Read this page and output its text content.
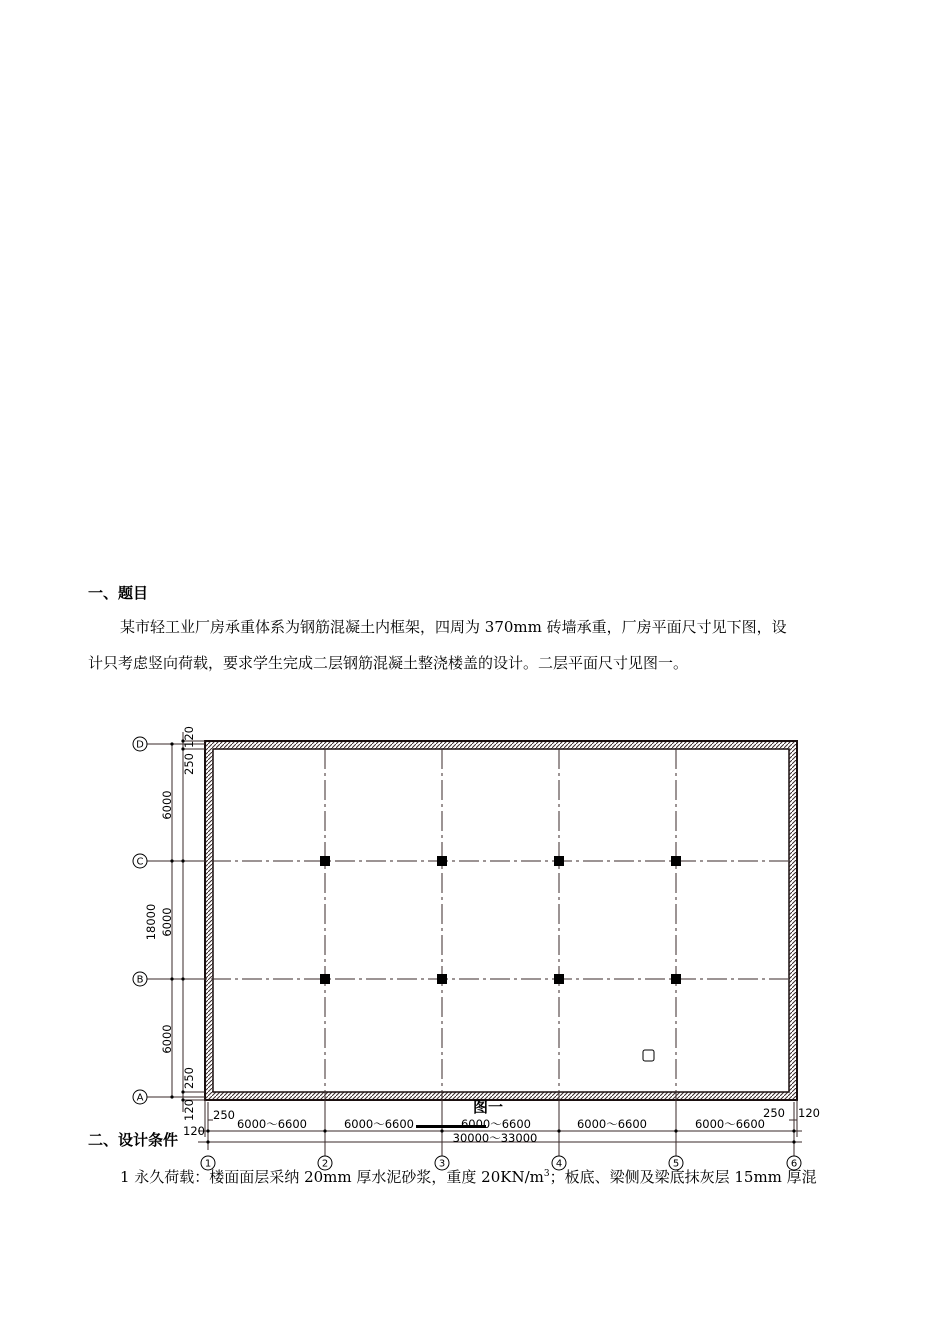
一、题目
某市轻工业厂房承重体系为钢筋混凝土内框架，四周为 370mm 砖墙承重，厂房平面尺寸见下图，设
计只考虑竖向荷载，要求学生完成二层钢筋混凝土整浇楼盖的设计。二层平面尺寸见图一。
D
C
B
A
120
250
6000
18000 6000
6000
250
120 250
120	6000～6600	6000～6600	6000～6600	6000～6600	6000～6600
250 120
30000～33000
1	2	3	4	5	6
图一
二、设计条件
1 永久荷载：楼面面层采纳 20mm 厚水泥砂浆，重度 $20KN/m^3$；板底、梁侧及梁底抹灰层 15mm 厚混
